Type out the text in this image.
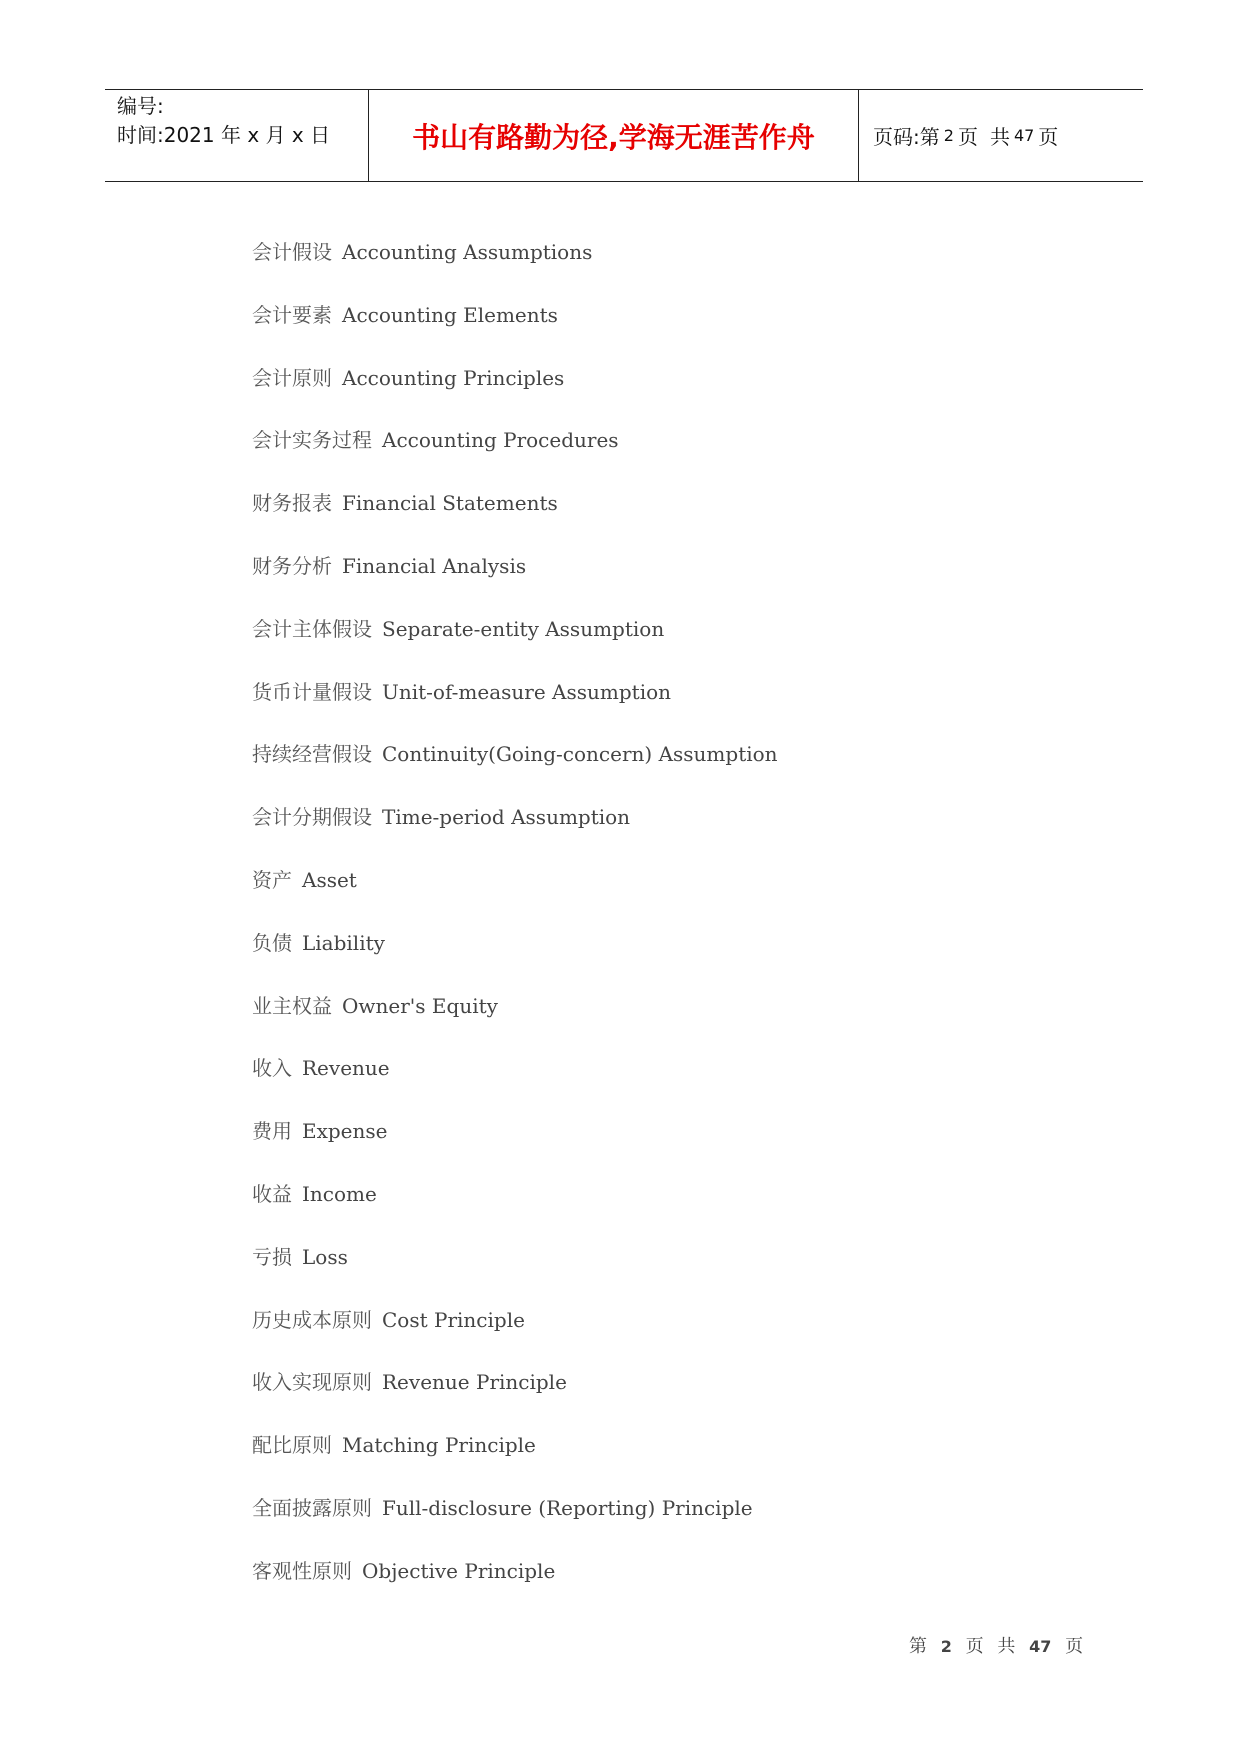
编号:
时间:2021 年 x 月 x 日	书山有路勤为径,学海无涯苦作舟	页码:第 2 页 共 47 页
会计假设 Accounting Assumptions
会计要素 Accounting Elements
会计原则 Accounting Principles
会计实务过程 Accounting Procedures
财务报表 Financial Statements
财务分析 Financial Analysis
会计主体假设 Separate-entity Assumption
货币计量假设 Unit-of-measure Assumption
持续经营假设 Continuity(Going-concern) Assumption
会计分期假设 Time-period Assumption
资产 Asset
负债 Liability
业主权益 Owner's Equity
收入 Revenue
费用 Expense
收益 Income
亏损 Loss
历史成本原则 Cost Principle
收入实现原则 Revenue Principle
配比原则 Matching Principle
全面披露原则 Full-disclosure (Reporting) Principle
客观性原则 Objective Principle
第 2 页 共 47 页
